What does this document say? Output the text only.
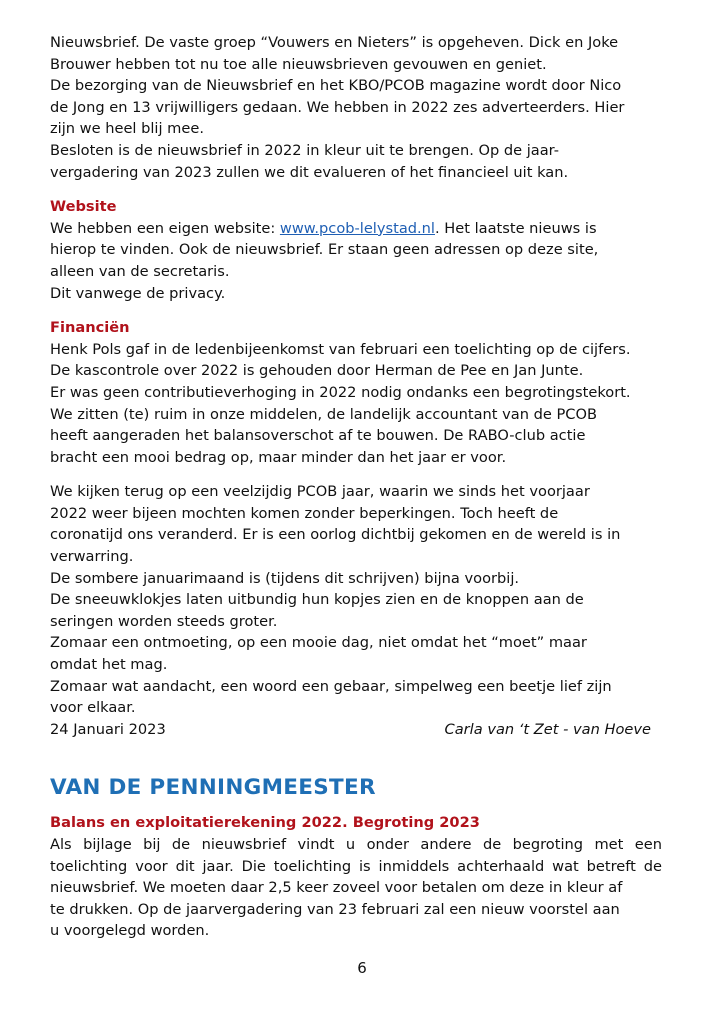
Nieuwsbrief. De vaste groep “Vouwers en Nieters” is opgeheven. Dick en Joke
Brouwer hebben tot nu toe alle nieuwsbrieven gevouwen en geniet.
De bezorging van de Nieuwsbrief en het KBO/PCOB magazine wordt door Nico
de Jong en 13 vrijwilligers gedaan. We hebben in 2022 zes adverteerders. Hier
zijn we heel blij mee.
Besloten is de nieuwsbrief in 2022 in kleur uit te brengen. Op de jaar-
vergadering van 2023 zullen we dit evalueren of het financieel uit kan.
Website
We hebben een eigen website: www.pcob-lelystad.nl. Het laatste nieuws is
hierop te vinden. Ook de nieuwsbrief. Er staan geen adressen op deze site,
alleen van de secretaris.
Dit vanwege de privacy.
Financiën
Henk Pols gaf in de ledenbijeenkomst van februari een toelichting op de cijfers.
De kascontrole over 2022 is gehouden door Herman de Pee en Jan Junte.
Er was geen contributieverhoging in 2022 nodig ondanks een begrotingstekort.
We zitten (te) ruim in onze middelen, de landelijk accountant van de PCOB
heeft aangeraden het balansoverschot af te bouwen. De RABO-club actie
bracht een mooi bedrag op, maar minder dan het jaar er voor.
We kijken terug op een veelzijdig PCOB jaar, waarin we sinds het voorjaar
2022 weer bijeen mochten komen zonder beperkingen. Toch heeft de
coronatijd ons veranderd. Er is een oorlog dichtbij gekomen en de wereld is in
verwarring.
De sombere januarimaand is (tijdens dit schrijven) bijna voorbij.
De sneeuwklokjes laten uitbundig hun kopjes zien en de knoppen aan de
seringen worden steeds groter.
Zomaar een ontmoeting, op een mooie dag, niet omdat het “moet” maar
omdat het mag.
Zomaar wat aandacht, een woord een gebaar, simpelweg een beetje lief zijn
voor elkaar.
24 Januari 2023	Carla van ‘t Zet - van Hoeve
VAN DE PENNINGMEESTER
Balans en exploitatierekening 2022. Begroting 2023
Als bijlage bij de nieuwsbrief vindt u onder andere de begroting met een
toelichting voor dit jaar. Die toelichting is inmiddels achterhaald wat betreft de
nieuwsbrief. We moeten daar 2,5 keer zoveel voor betalen om deze in kleur af
te drukken. Op de jaarvergadering van 23 februari zal een nieuw voorstel aan
u voorgelegd worden.
6
